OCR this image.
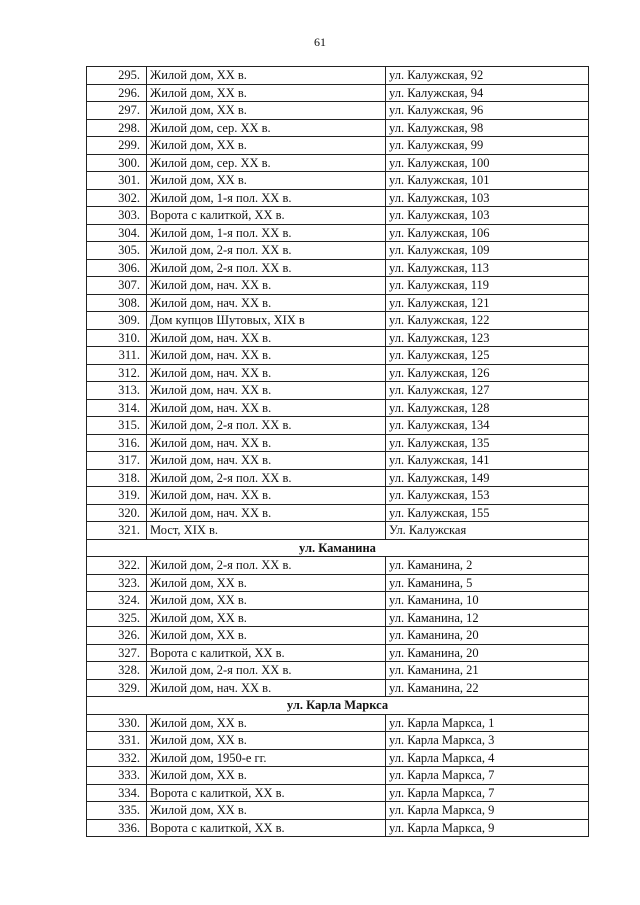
61
295.	Жилой дом, XX в.	ул. Калужская, 92
296.	Жилой дом, XX в.	ул. Калужская, 94
297.	Жилой дом, XX в.	ул. Калужская, 96
298.	Жилой дом, сер. XX в.	ул. Калужская, 98
299.	Жилой дом, XX в.	ул. Калужская, 99
300.	Жилой дом, сер. XX в.	ул. Калужская, 100
301.	Жилой дом, XX в.	ул. Калужская, 101
302.	Жилой дом, 1-я пол. XX в.	ул. Калужская, 103
303.	Ворота с калиткой, XX в.	ул. Калужская, 103
304.	Жилой дом, 1-я пол. XX в.	ул. Калужская, 106
305.	Жилой дом, 2-я пол. XX в.	ул. Калужская, 109
306.	Жилой дом, 2-я пол. XX в.	ул. Калужская, 113
307.	Жилой дом, нач. XX в.	ул. Калужская, 119
308.	Жилой дом, нач. XX в.	ул. Калужская, 121
309.	Дом купцов Шутовых, XIX в	ул. Калужская, 122
310.	Жилой дом, нач. XX в.	ул. Калужская, 123
311.	Жилой дом, нач. XX в.	ул. Калужская, 125
312.	Жилой дом, нач. XX в.	ул. Калужская, 126
313.	Жилой дом, нач. XX в.	ул. Калужская, 127
314.	Жилой дом, нач. XX в.	ул. Калужская, 128
315.	Жилой дом, 2-я пол. XX в.	ул. Калужская, 134
316.	Жилой дом, нач. XX в.	ул. Калужская, 135
317.	Жилой дом, нач. XX в.	ул. Калужская, 141
318.	Жилой дом, 2-я пол. XX в.	ул. Калужская, 149
319.	Жилой дом, нач. XX в.	ул. Калужская, 153
320.	Жилой дом, нач. XX в.	ул. Калужская, 155
321.	Мост, XIX в.	Ул. Калужская
ул. Каманина		
322.	Жилой дом, 2-я пол. XX в.	ул. Каманина, 2
323.	Жилой дом, XX в.	ул. Каманина, 5
324.	Жилой дом, XX в.	ул. Каманина, 10
325.	Жилой дом, XX в.	ул. Каманина, 12
326.	Жилой дом, XX в.	ул. Каманина, 20
327.	Ворота с калиткой, XX в.	ул. Каманина, 20
328.	Жилой дом, 2-я пол. XX в.	ул. Каманина, 21
329.	Жилой дом, нач. XX в.	ул. Каманина, 22
ул. Карла Маркса		
330.	Жилой дом, XX в.	ул. Карла Маркса, 1
331.	Жилой дом, XX в.	ул. Карла Маркса, 3
332.	Жилой дом, 1950-е гг.	ул. Карла Маркса, 4
333.	Жилой дом, XX в.	ул. Карла Маркса, 7
334.	Ворота с калиткой, XX в.	ул. Карла Маркса, 7
335.	Жилой дом, XX в.	ул. Карла Маркса, 9
336.	Ворота с калиткой, XX в.	ул. Карла Маркса, 9
